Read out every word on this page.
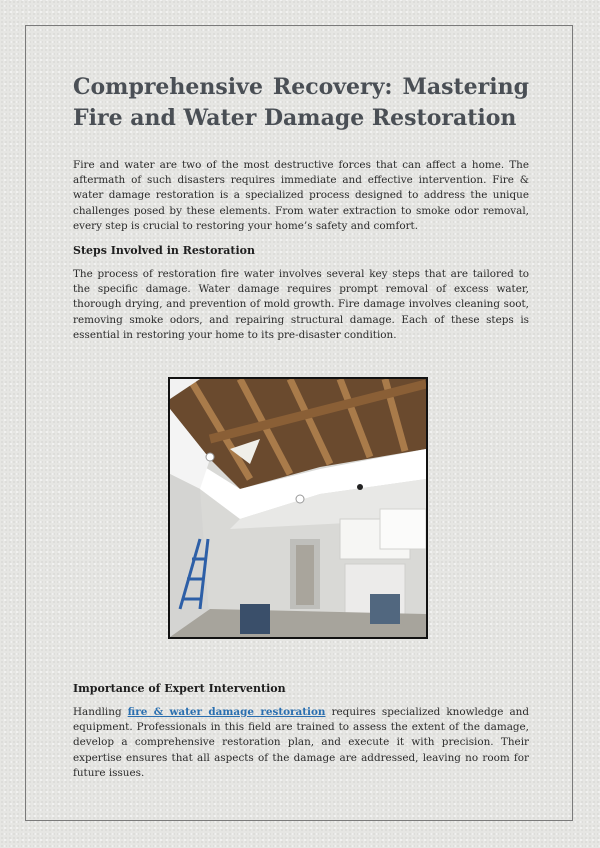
Comprehensive Recovery: Mastering
Fire and Water Damage Restoration

Fire and water are two of the most destructive forces that can affect a home. The aftermath of such disasters requires immediate and effective intervention. Fire & water damage restoration is a specialized process designed to address the unique challenges posed by these elements. From water extraction to smoke odor removal, every step is crucial to restoring your home’s safety and comfort.

Steps Involved in Restoration

The process of restoration fire water involves several key steps that are tailored to the specific damage. Water damage requires prompt removal of excess water, thorough drying, and prevention of mold growth. Fire damage involves cleaning soot, removing smoke odors, and repairing structural damage. Each of these steps is essential in restoring your home to its pre-disaster condition.

Importance of Expert Intervention

Handling fire & water damage restoration requires specialized knowledge and equipment. Professionals in this field are trained to assess the extent of the damage, develop a comprehensive restoration plan, and execute it with precision. Their expertise ensures that all aspects of the damage are addressed, leaving no room for future issues.
